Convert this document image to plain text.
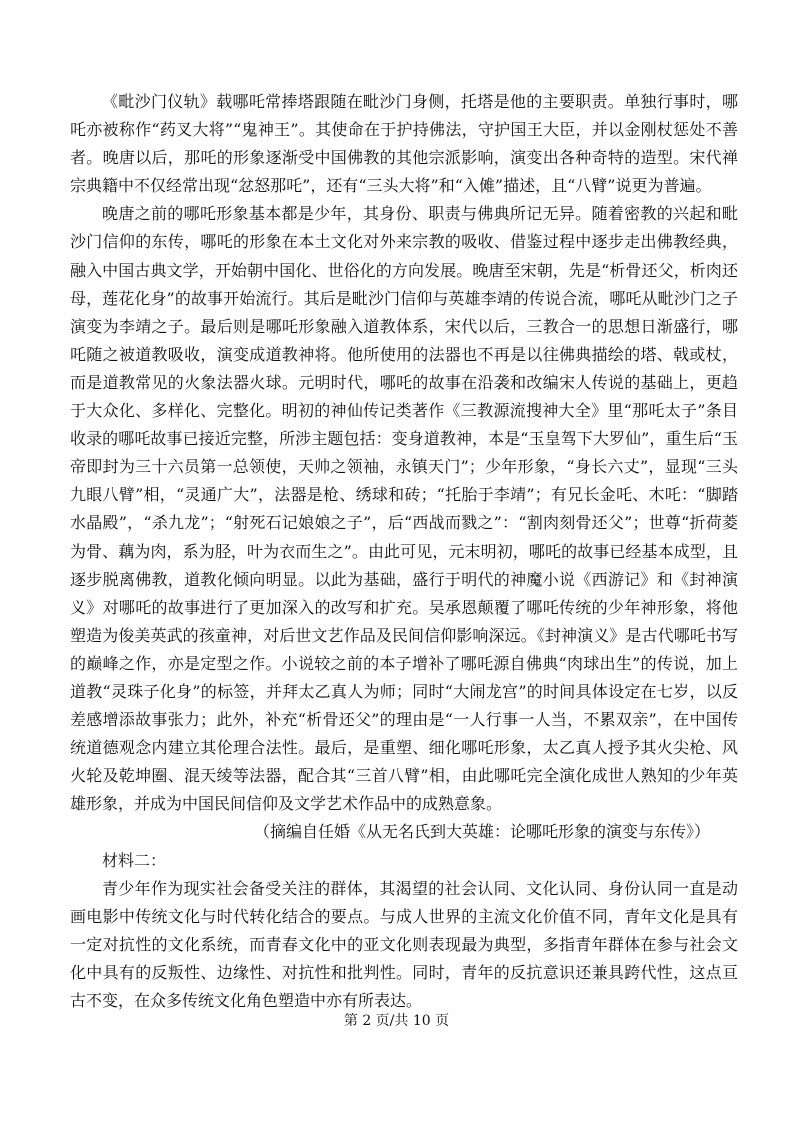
《毗沙门仪轨》载哪吒常捧塔跟随在毗沙门身侧，托塔是他的主要职责。单独行事时，哪吒亦被称作“药叉大将”“鬼神王”。其使命在于护持佛法，守护国王大臣，并以金刚杖惩处不善者。晚唐以后，那吒的形象逐渐受中国佛教的其他宗派影响，演变出各种奇特的造型。宋代禅宗典籍中不仅经常出现“忿怒那吒”，还有“三头大将”和“入傩”描述，且“八臂”说更为普遍。

晚唐之前的哪吒形象基本都是少年，其身份、职责与佛典所记无异。随着密教的兴起和毗沙门信仰的东传，哪吒的形象在本土文化对外来宗教的吸收、借鉴过程中逐步走出佛教经典，融入中国古典文学，开始朝中国化、世俗化的方向发展。晚唐至宋朝，先是“析骨还父，析肉还母，莲花化身”的故事开始流行。其后是毗沙门信仰与英雄李靖的传说合流，哪吒从毗沙门之子演变为李靖之子。最后则是哪吒形象融入道教体系，宋代以后，三教合一的思想日渐盛行，哪吒随之被道教吸收，演变成道教神将。他所使用的法器也不再是以往佛典描绘的塔、戟或杖，而是道教常见的火象法器火球。元明时代，哪吒的故事在沿袭和改编宋人传说的基础上，更趋于大众化、多样化、完整化。明初的神仙传记类著作《三教源流搜神大全》里“那吒太子”条目收录的哪吒故事已接近完整，所涉主题包括：变身道教神，本是“玉皇驾下大罗仙”，重生后“玉帝即封为三十六员第一总领使，天帅之领袖，永镇天门”；少年形象，“身长六丈”，显现“三头九眼八臂”相，“灵通广大”，法器是枪、绣球和砖；“托胎于李靖”；有兄长金吒、木吒：“脚踏水晶殿”，“杀九龙”；“射死石记娘娘之子”，后“西战而戮之”：“割肉刻骨还父”；世尊“折荷菱为骨、藕为肉，系为胫，叶为衣而生之”。由此可见，元末明初，哪吒的故事已经基本成型，且逐步脱离佛教，道教化倾向明显。以此为基础，盛行于明代的神魔小说《西游记》和《封神演义》对哪吒的故事进行了更加深入的改写和扩充。吴承恩颠覆了哪吒传统的少年神形象，将他塑造为俊美英武的孩童神，对后世文艺作品及民间信仰影响深远。《封神演义》是古代哪吒书写的巅峰之作，亦是定型之作。小说较之前的本子增补了哪吒源自佛典“肉球出生”的传说，加上道教“灵珠子化身”的标签，并拜太乙真人为师；同时“大闹龙宫”的时间具体设定在七岁，以反差感增添故事张力；此外，补充“析骨还父”的理由是“一人行事一人当，不累双亲”，在中国传统道德观念内建立其伦理合法性。最后，是重塑、细化哪吒形象，太乙真人授予其火尖枪、风火轮及乾坤圈、混天绫等法器，配合其“三首八臂”相，由此哪吒完全演化成世人熟知的少年英雄形象，并成为中国民间信仰及文学艺术作品中的成熟意象。

（摘编自任婚《从无名氏到大英雄：论哪吒形象的演变与东传》）

材料二：

青少年作为现实社会备受关注的群体，其渴望的社会认同、文化认同、身份认同一直是动画电影中传统文化与时代转化结合的要点。与成人世界的主流文化价值不同，青年文化是具有一定对抗性的文化系统，而青春文化中的亚文化则表现最为典型，多指青年群体在参与社会文化中具有的反叛性、边缘性、对抗性和批判性。同时，青年的反抗意识还兼具跨代性，这点亘古不变，在众多传统文化角色塑造中亦有所表达。

第 2 页/共 10 页
